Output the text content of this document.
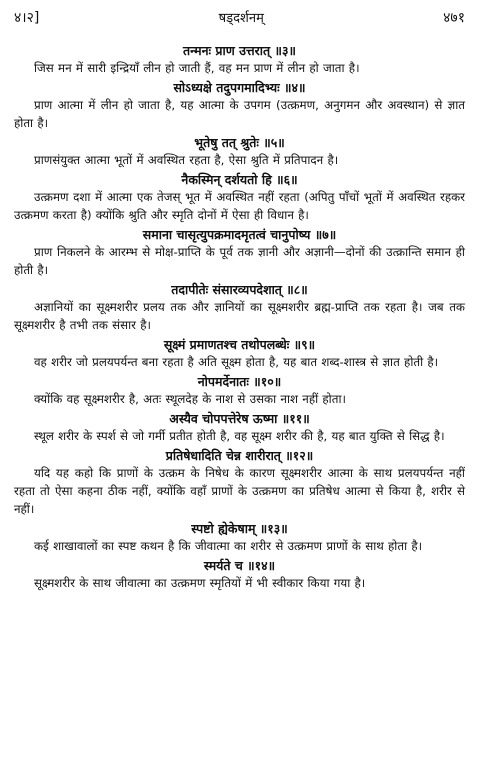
४।२]	षड्दर्शनम्	४७१
तन्मनः प्राण उत्तरात् ॥३॥
जिस मन में सारी इन्द्रियाँ लीन हो जाती हैं, वह मन प्राण में लीन हो जाता है।
सोऽध्यक्षे तदुपगमादिभ्यः ॥४॥
प्राण आत्मा में लीन हो जाता है, यह आत्मा के उपगम (उत्क्रमण, अनुगमन और अवस्थान) से ज्ञात होता है।
भूतेषु तत् श्रुतेः ॥५॥
प्राणसंयुक्त आत्मा भूतों में अवस्थित रहता है, ऐसा श्रुति में प्रतिपादन है।
नैकस्मिन् दर्शयतो हि ॥६॥
उत्क्रमण दशा में आत्मा एक तेजस् भूत में अवस्थित नहीं रहता (अपितु पाँचों भूतों में अवस्थित रहकर उत्क्रमण करता है) क्योंकि श्रुति और स्मृति दोनों में ऐसा ही विधान है।
समाना चासृत्युपक्रमादमृतत्वं चानुपोष्य ॥७॥
प्राण निकलने के आरम्भ से मोक्ष-प्राप्ति के पूर्व तक ज्ञानी और अज्ञानी—दोनों की उत्क्रान्ति समान ही होती है।
तदापीतेः संसारव्यपदेशात् ॥८॥
अज्ञानियों का सूक्ष्मशरीर प्रलय तक और ज्ञानियों का सूक्ष्मशरीर ब्रह्म-प्राप्ति तक रहता है। जब तक सूक्ष्मशरीर है तभी तक संसार है।
सूक्ष्मं प्रमाणतश्च तथोपलब्धेः ॥९॥
वह शरीर जो प्रलयपर्यन्त बना रहता है अति सूक्ष्म होता है, यह बात शब्द-शास्त्र से ज्ञात होती है।
नोपमर्देनातः ॥१०॥
क्योंकि वह सूक्ष्मशरीर है, अतः स्थूलदेह के नाश से उसका नाश नहीं होता।
अस्यैव चोपपत्तेरेष ऊष्मा ॥११॥
स्थूल शरीर के स्पर्श से जो गर्मी प्रतीत होती है, वह सूक्ष्म शरीर की है, यह बात युक्ति से सिद्ध है।
प्रतिषेधादिति चेन्न शारीरात् ॥१२॥
यदि यह कहो कि प्राणों के उत्क्रम के निषेध के कारण सूक्ष्मशरीर आत्मा के साथ प्रलयपर्यन्त नहीं रहता तो ऐसा कहना ठीक नहीं, क्योंकि वहाँ प्राणों के उत्क्रमण का प्रतिषेध आत्मा से किया है, शरीर से नहीं।
स्पष्टो ह्येकेषाम् ॥१३॥
कई शाखावालों का स्पष्ट कथन है कि जीवात्मा का शरीर से उत्क्रमण प्राणों के साथ होता है।
स्मर्यते च ॥१४॥
सूक्ष्मशरीर के साथ जीवात्मा का उत्क्रमण स्मृतियों में भी स्वीकार किया गया है।
